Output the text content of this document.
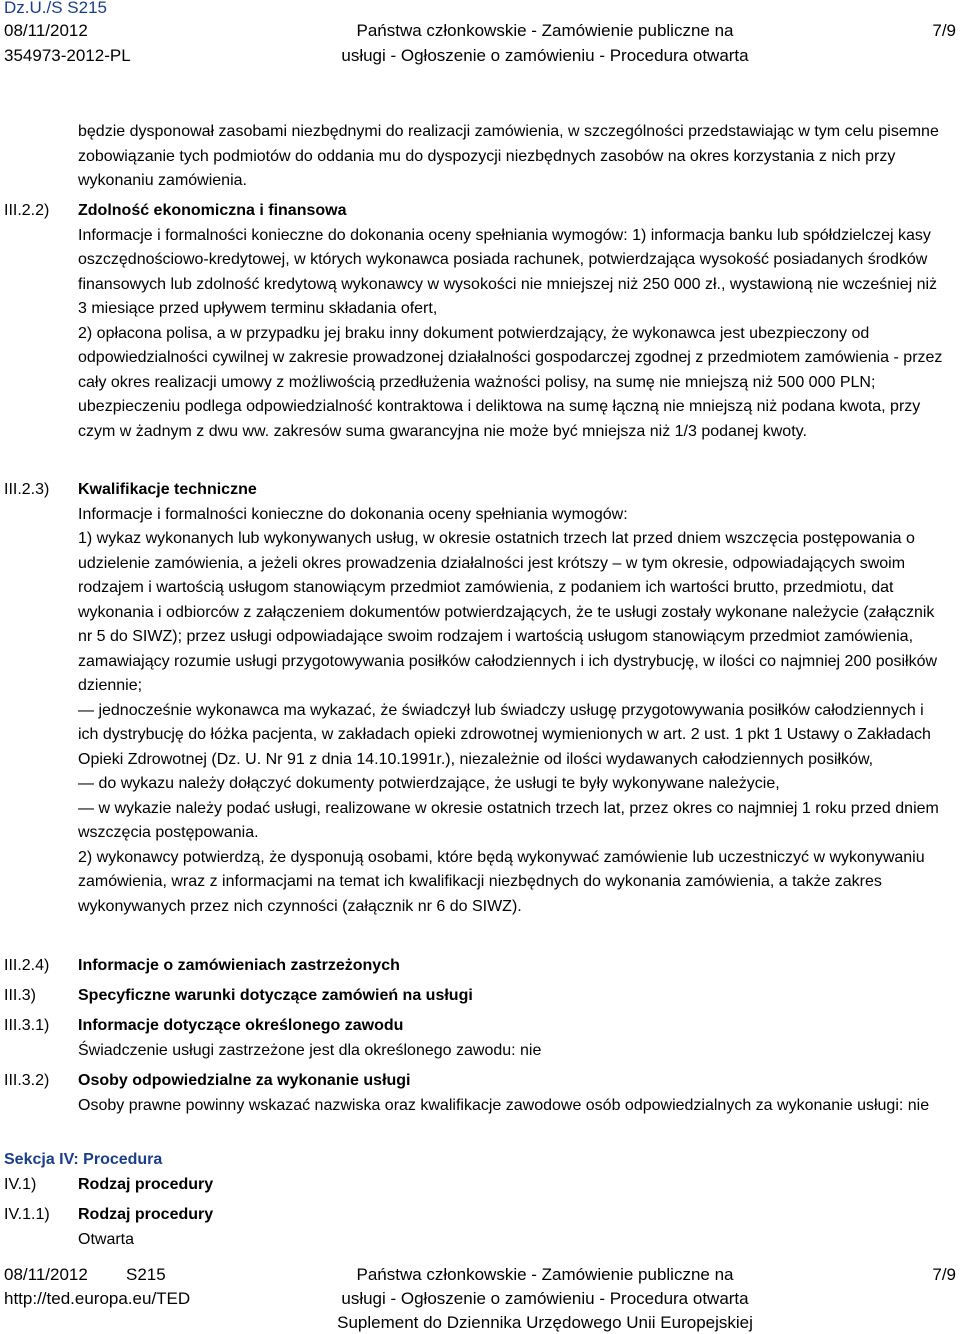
Dz.U./S S215
08/11/2012
354973-2012-PL
Państwa członkowskie - Zamówienie publiczne na
usługi - Ogłoszenie o zamówieniu - Procedura otwarta
7/9
będzie dysponował zasobami niezbędnymi do realizacji zamówienia, w szczególności przedstawiając w tym celu pisemne zobowiązanie tych podmiotów do oddania mu do dyspozycji niezbędnych zasobów na okres korzystania z nich przy wykonaniu zamówienia.
III.2.2) Zdolność ekonomiczna i finansowa

Informacje i formalności konieczne do dokonania oceny spełniania wymogów: 1) informacja banku lub spółdzielczej kasy oszczędnościowo-kredytowej, w których wykonawca posiada rachunek, potwierdzająca wysokość posiadanych środków finansowych lub zdolność kredytową wykonawcy w wysokości nie mniejszej niż 250 000 zł., wystawioną nie wcześniej niż 3 miesiące przed upływem terminu składania ofert,

2) opłacona polisa, a w przypadku jej braku inny dokument potwierdzający, że wykonawca jest ubezpieczony od odpowiedzialności cywilnej w zakresie prowadzonej działalności gospodarczej zgodnej z przedmiotem zamówienia - przez cały okres realizacji umowy z możliwością przedłużenia ważności polisy, na sumę nie mniejszą niż 500 000 PLN; ubezpieczeniu podlega odpowiedzialność kontraktowa i deliktowa na sumę łączną nie mniejszą niż podana kwota, przy czym w żadnym z dwu ww. zakresów suma gwarancyjna nie może być mniejsza niż 1/3 podanej kwoty.

III.2.3) Kwalifikacje techniczne

Informacje i formalności konieczne do dokonania oceny spełniania wymogów:

1) wykaz wykonanych lub wykonywanych usług, w okresie ostatnich trzech lat przed dniem wszczęcia postępowania o udzielenie zamówienia, a jeżeli okres prowadzenia działalności jest krótszy – w tym okresie, odpowiadających swoim rodzajem i wartością usługom stanowiącym przedmiot zamówienia, z podaniem ich wartości brutto, przedmiotu, dat wykonania i odbiorców z załączeniem dokumentów potwierdzających, że te usługi zostały wykonane należycie (załącznik nr 5 do SIWZ); przez usługi odpowiadające swoim rodzajem i wartością usługom stanowiącym przedmiot zamówienia, zamawiający rozumie usługi przygotowywania posiłków całodziennych i ich dystrybucję, w ilości co najmniej 200 posiłków dziennie;

— jednocześnie wykonawca ma wykazać, że świadczył lub świadczy usługę przygotowywania posiłków całodziennych i ich dystrybucję do łóżka pacjenta, w zakładach opieki zdrowotnej wymienionych w art. 2 ust. 1 pkt 1 Ustawy o Zakładach Opieki Zdrowotnej (Dz. U. Nr 91 z dnia 14.10.1991r.), niezależnie od ilości wydawanych całodziennych posiłków,

— do wykazu należy dołączyć dokumenty potwierdzające, że usługi te były wykonywane należycie,

— w wykazie należy podać usługi, realizowane w okresie ostatnich trzech lat, przez okres co najmniej 1 roku przed dniem wszczęcia postępowania.

2) wykonawcy potwierdzą, że dysponują osobami, które będą wykonywać zamówienie lub uczestniczyć w wykonywaniu zamówienia, wraz z informacjami na temat ich kwalifikacji niezbędnych do wykonania zamówienia, a także zakres wykonywanych przez nich czynności (załącznik nr 6 do SIWZ).

III.2.4) Informacje o zamówieniach zastrzeżonych
III.3)	Specyficzne warunki dotyczące zamówień na usługi
III.3.1) Informacje dotyczące określonego zawodu

Świadczenie usługi zastrzeżone jest dla określonego zawodu: nie

III.3.2) Osoby odpowiedzialne za wykonanie usługi

Osoby prawne powinny wskazać nazwiska oraz kwalifikacje zawodowe osób odpowiedzialnych za wykonanie usługi: nie

Sekcja IV: Procedura
IV.1)	Rodzaj procedury
IV.1.1) Rodzaj procedury

Otwarta

08/11/2012 S215
http://ted.europa.eu/TED
Państwa członkowskie - Zamówienie publiczne na
usługi - Ogłoszenie o zamówieniu - Procedura otwarta
Suplement do Dziennika Urzędowego Unii Europejskiej
7/9
